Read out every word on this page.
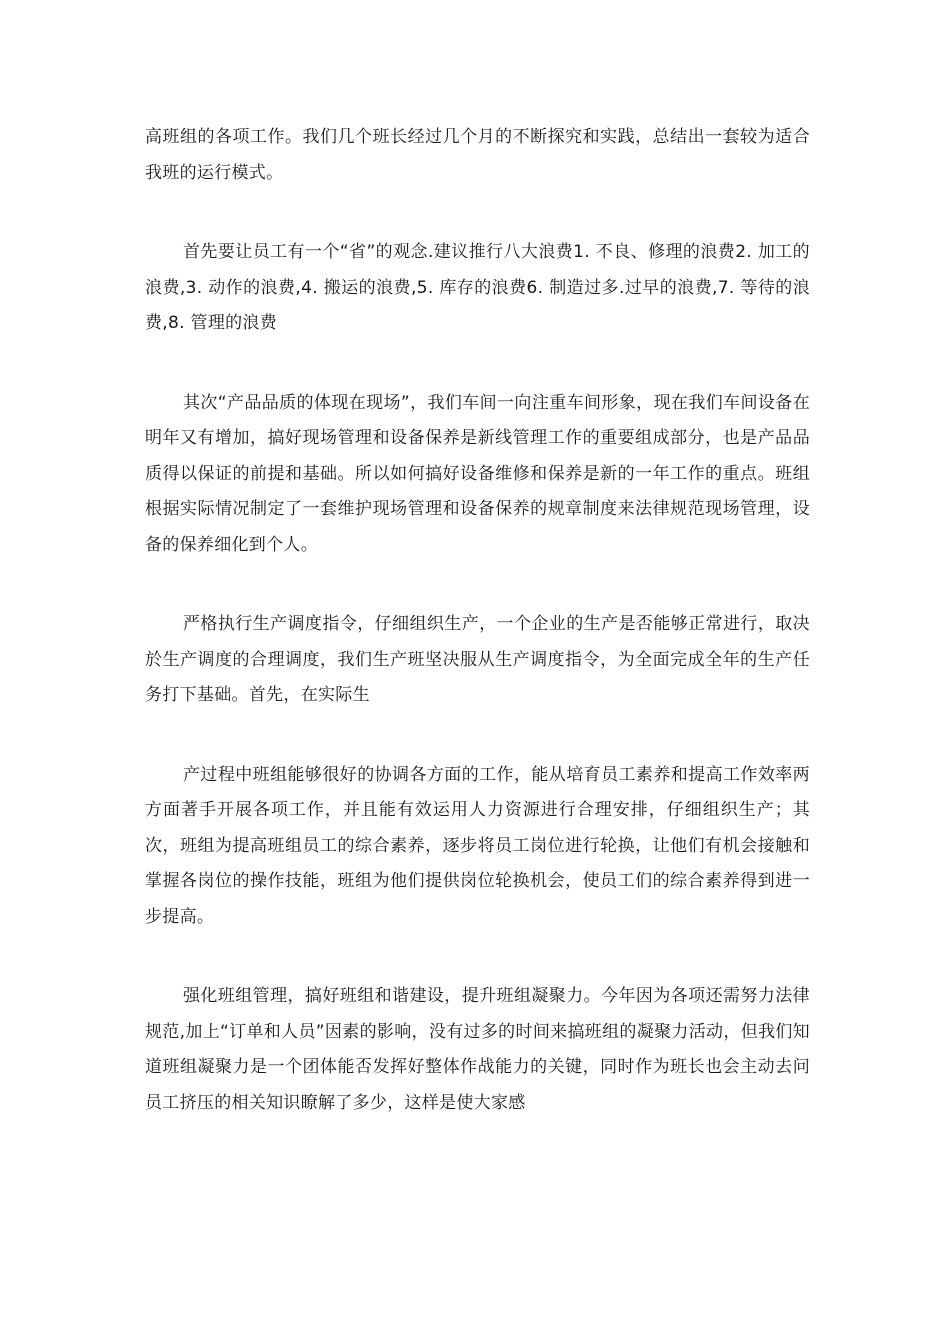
高班组的各项工作。我们几个班长经过几个月的不断探究和实践，总结出一套较为适合我班的运行模式。

首先要让员工有一个“省”的观念.建议推行八大浪费1. 不良、修理的浪费2. 加工的浪费,3. 动作的浪费,4. 搬运的浪费,5. 库存的浪费6. 制造过多.过早的浪费,7. 等待的浪费,8. 管理的浪费

其次“产品品质的体现在现场”，我们车间一向注重车间形象，现在我们车间设备在明年又有增加，搞好现场管理和设备保养是新线管理工作的重要组成部分，也是产品品质得以保证的前提和基础。所以如何搞好设备维修和保养是新的一年工作的重点。班组根据实际情况制定了一套维护现场管理和设备保养的规章制度来法律规范现场管理，设备的保养细化到个人。

严格执行生产调度指令，仔细组织生产，一个企业的生产是否能够正常进行，取决於生产调度的合理调度，我们生产班坚决服从生产调度指令，为全面完成全年的生产任务打下基础。首先，在实际生

产过程中班组能够很好的协调各方面的工作，能从培育员工素养和提高工作效率两方面著手开展各项工作，并且能有效运用人力资源进行合理安排，仔细组织生产；其次，班组为提高班组员工的综合素养，逐步将员工岗位进行轮换，让他们有机会接触和掌握各岗位的操作技能，班组为他们提供岗位轮换机会，使员工们的综合素养得到进一步提高。

强化班组管理，搞好班组和谐建设，提升班组凝聚力。今年因为各项还需努力法律规范,加上“订单和人员”因素的影响，没有过多的时间来搞班组的凝聚力活动，但我们知道班组凝聚力是一个团体能否发挥好整体作战能力的关键，同时作为班长也会主动去问员工挤压的相关知识瞭解了多少，这样是使大家感
